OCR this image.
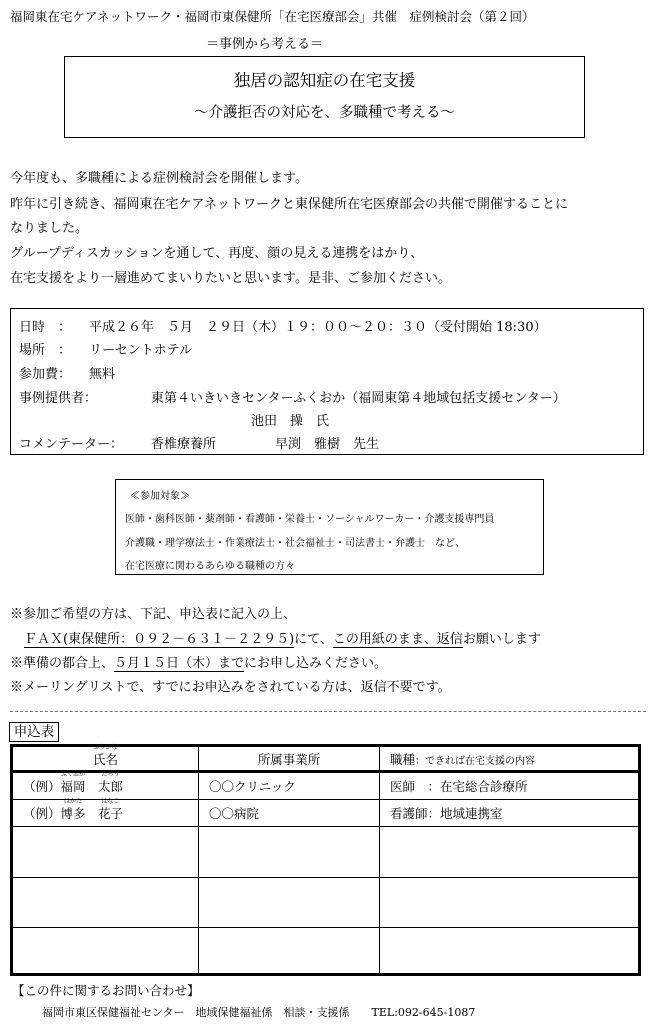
福岡東在宅ケアネットワーク・福岡市東保健所「在宅医療部会」共催　症例検討会（第２回）
＝事例から考える＝
独居の認知症の在宅支援
～介護拒否の対応を、多職種で考える～
今年度も、多職種による症例検討会を開催します。
昨年に引き続き、福岡東在宅ケアネットワークと東保健所在宅医療部会の共催で開催することに
なりました。
グループディスカッションを通して、再度、顔の見える連携をはかり、
在宅支援をより一層進めてまいりたいと思います。是非、ご参加ください。
日時　： 平成２６年　５月　２９日（木）１９：００～２０：３０（受付開始 18:30）
場所　： リーセントホテル
参加費： 無料
事例提供者：	東第４いきいきセンターふくおか（福岡東第４地域包括支援センター）
池田　操　氏
コメンテーター： 香椎療養所	早渕　雅樹　先生
≪参加対象≫
医師・歯科医師・薬剤師・看護師・栄養士・ソーシャルワーカー・介護支援専門員
介護職・理学療法士・作業療法士・社会福祉士・司法書士・弁護士　など、
在宅医療に関わるあらゆる職種の方々
※参加ご希望の方は、下記、申込表に記入の上、
ＦＡＸ(東保健所：０９２－６３１－２２９５)にて、この用紙のまま、返信お願いします
※準備の都合上、５月１５日（木）までにお申し込みください。
※メーリングリストで、すでにお申込みをされている方は、返信不要です。
申込表
ふりがな
氏名	所属事業所	職種：できれば在宅支援の内容
（例）
ふくおか
福岡　
たろう
太郎	〇〇クリニック	医師　：在宅総合診療所
（例）
はかた
博多　
はなこ
花子	〇〇病院	看護師：地域連携室

【この件に関するお問い合わせ】
福岡市東区保健福祉センター　地域保健福祉係　相談・支援係　　TEL:092-645-1087
